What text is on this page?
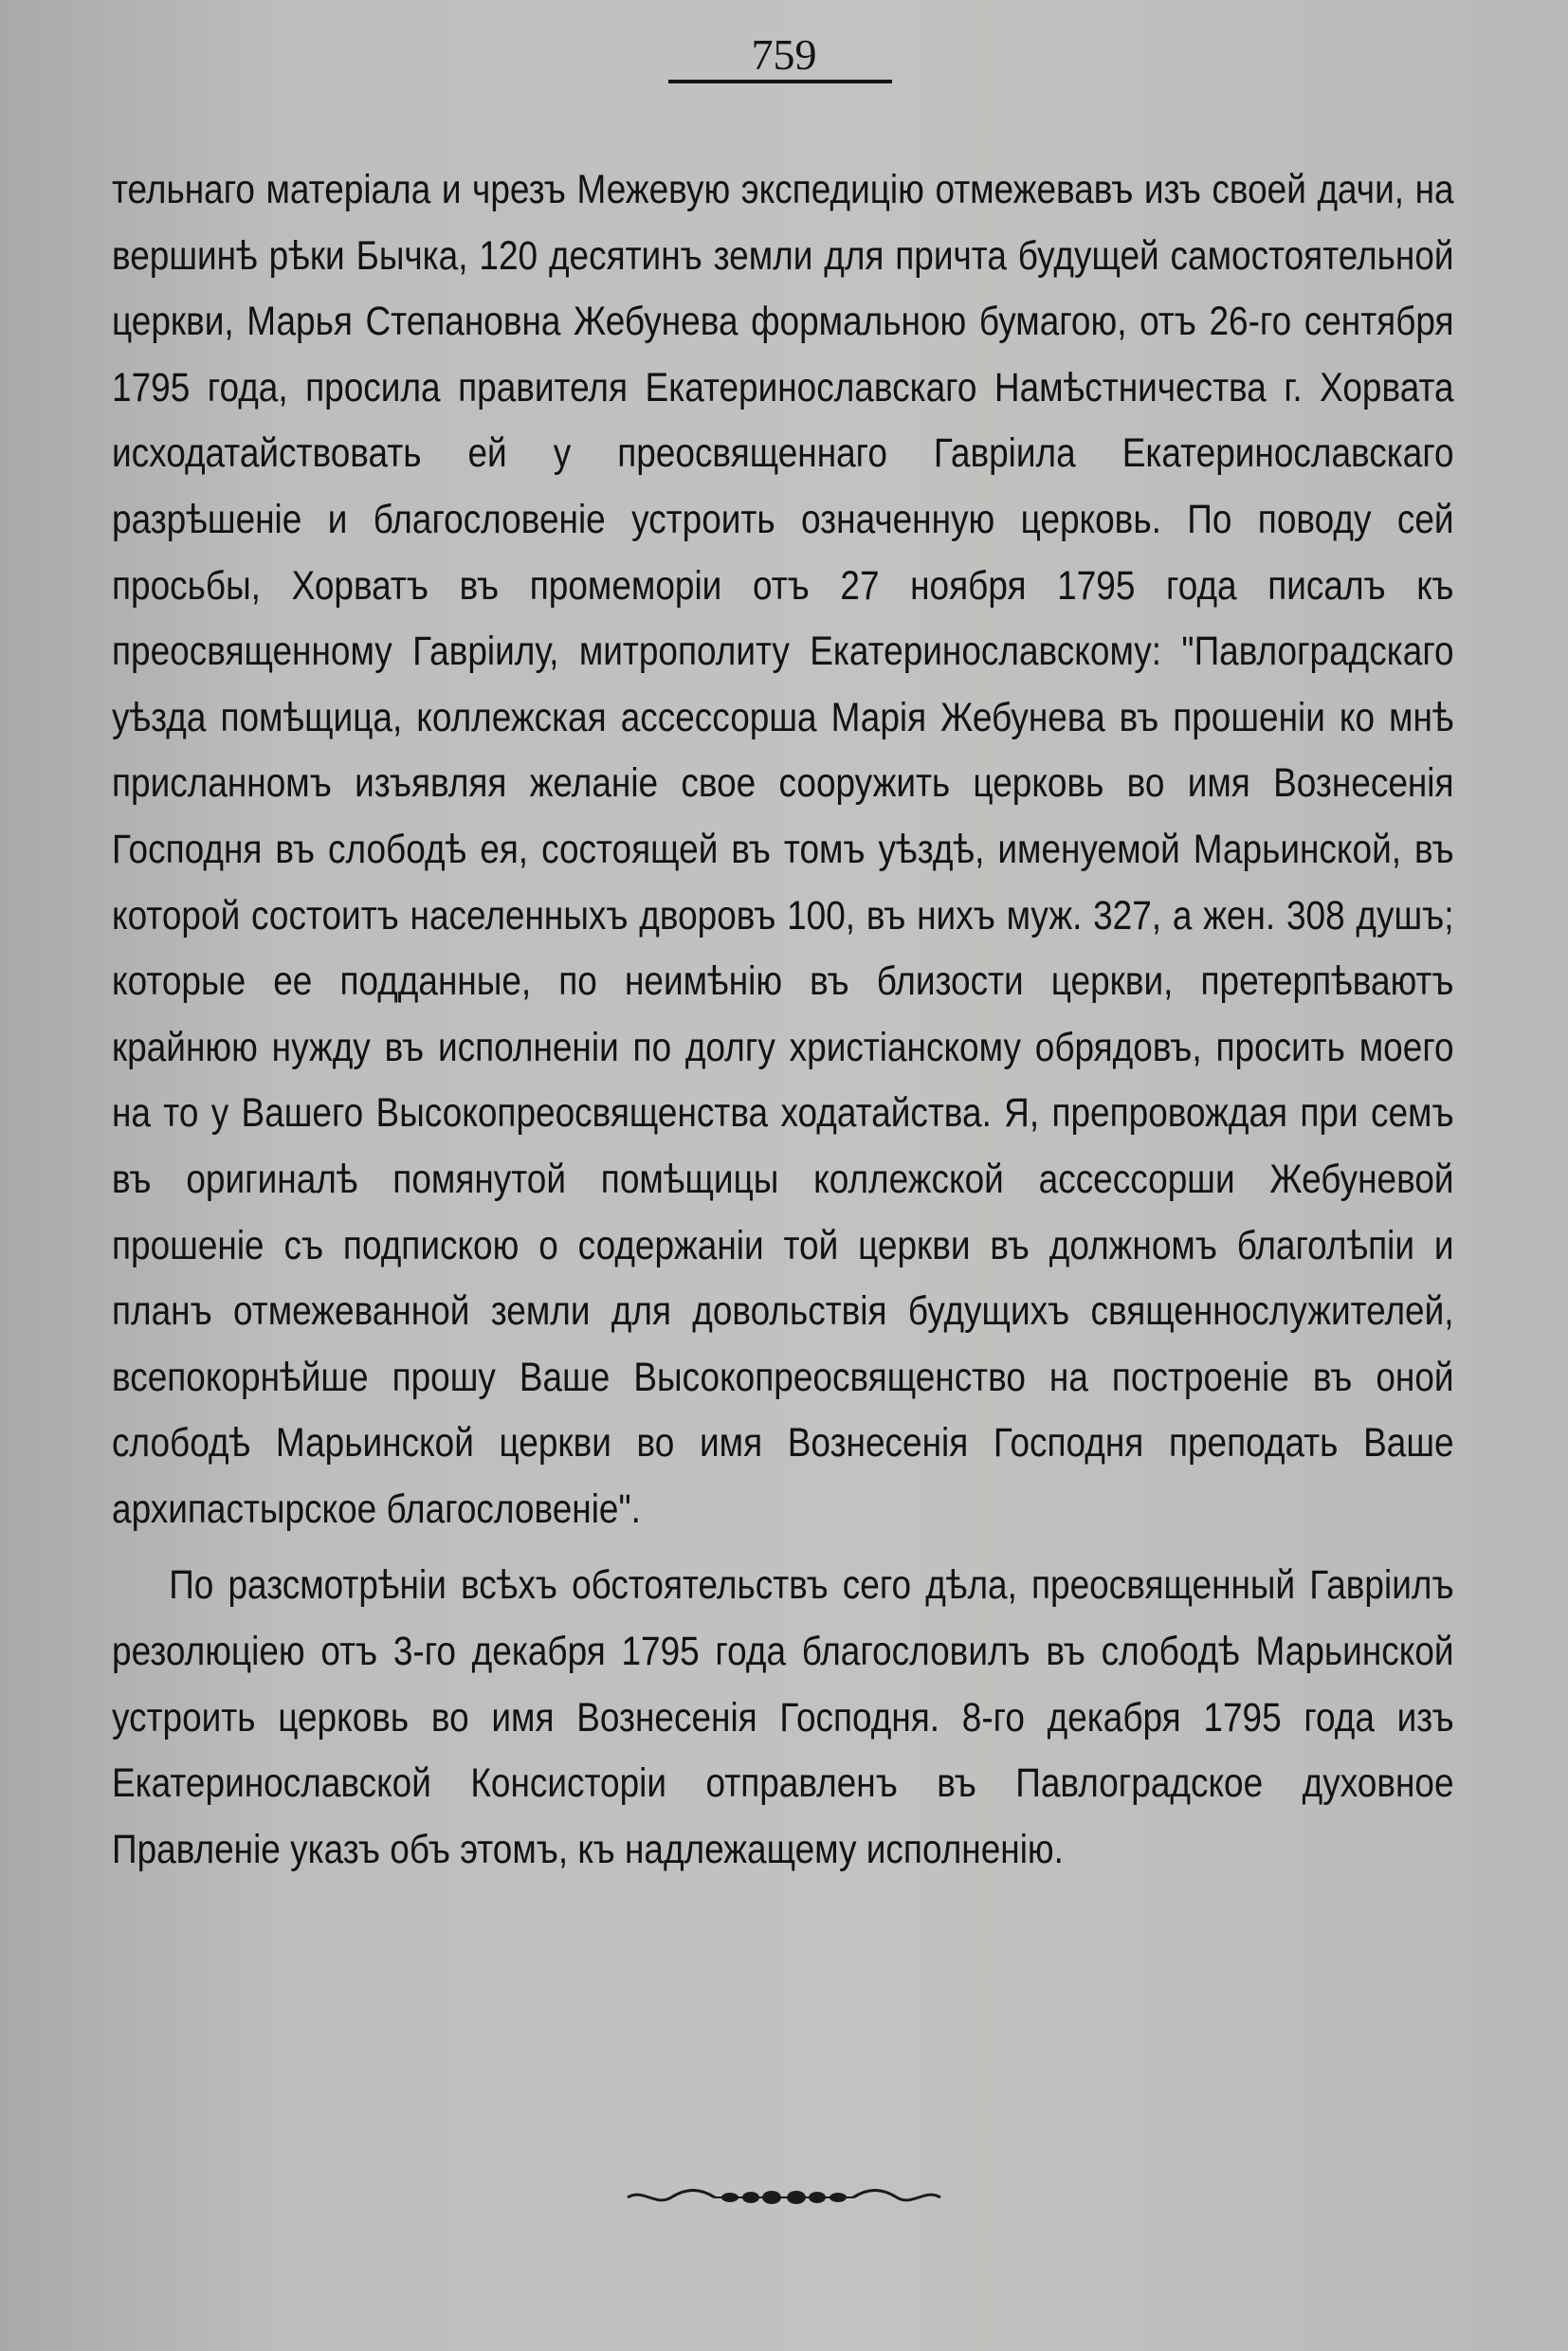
759

тельнаго матеріала и чрезъ Межевую экспедицію отмежевавъ изъ своей дачи, на вершинѣ рѣки Бычка, 120 десятинъ земли для причта будущей самостоятельной церкви, Марья Степановна Жебунева формальною бумагою, отъ 26-го сентября 1795 года, просила правителя Екатеринославскаго Намѣстничества г. Хорвата исходатайствовать ей у преосвященнаго Гавріила Екатеринославскаго разрѣшеніе и благословеніе устроить означенную церковь. По поводу сей просьбы, Хорватъ въ промеморіи отъ 27 ноября 1795 года писалъ къ преосвященному Гавріилу, митрополиту Екатеринославскому: "Павлоградскаго уѣзда помѣщица, коллежская ассессорша Марія Жебунева въ прошеніи ко мнѣ присланномъ изъявляя желаніе свое сооружить церковь во имя Вознесенія Господня въ слободѣ ея, состоящей въ томъ уѣздѣ, именуемой Марьинской, въ которой состоитъ населенныхъ дворовъ 100, въ нихъ муж. 327, а жен. 308 душъ; которые ее подданные, по неимѣнію въ близости церкви, претерпѣваютъ крайнюю нужду въ исполненіи по долгу христіанскому обрядовъ, просить моего на то у Вашего Высокопреосвященства ходатайства. Я, препровождая при семъ въ оригиналѣ помянутой помѣщицы коллежской ассессорши Жебуневой прошеніе съ подпискою о содержаніи той церкви въ должномъ благолѣпіи и планъ отмежеванной земли для довольствія будущихъ священнослужителей, всепокорнѣйше прошу Ваше Высокопреосвященство на построеніе въ оной слободѣ Марьинской церкви во имя Вознесенія Господня преподать Ваше архипастырское благословеніе".

По разсмотрѣніи всѣхъ обстоятельствъ сего дѣла, преосвященный Гавріилъ резолюціею отъ 3-го декабря 1795 года благословилъ въ слободѣ Марьинской устроить церковь во имя Вознесенія Господня. 8-го декабря 1795 года изъ Екатеринославской Консисторіи отправленъ въ Павлоградское духовное Правленіе указъ объ этомъ, къ надлежащему исполненію.
